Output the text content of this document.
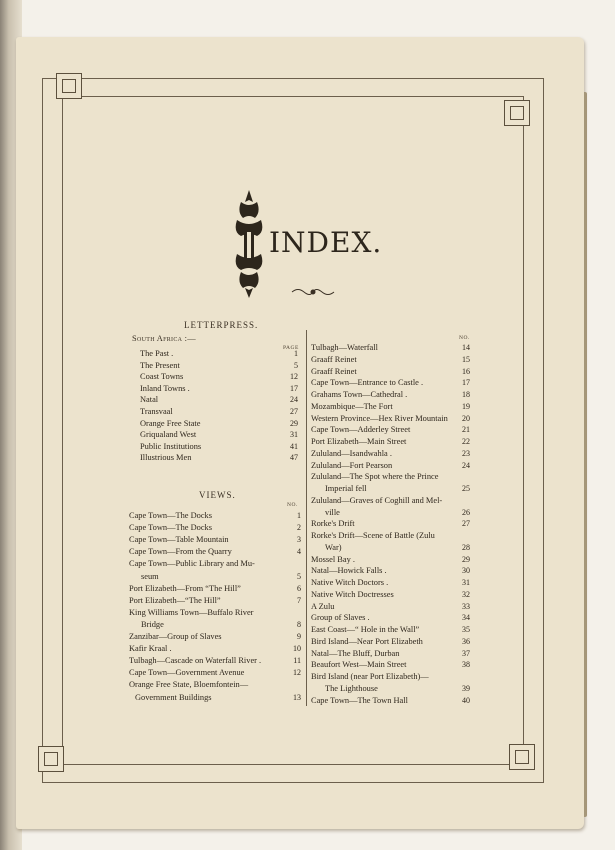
INDEX.
LETTERPRESS.
South Africa :—
PAGE
The Past .	1
The Present	5
Coast Towns	12
Inland Towns .	17
Natal	24
Transvaal	27
Orange Free State	29
Griqualand West	31
Public Institutions	41
Illustrious Men	47
VIEWS.
NO.
Cape Town—The Docks	1
Cape Town—The Docks	2
Cape Town—Table Mountain	3
Cape Town—From the Quarry	4
Cape Town—Public Library and Mu-
seum	5
Port Elizabeth—From “The Hill”	6
Port Elizabeth—“The Hill”	7
King Williams Town—Buffalo River
Bridge	8
Zanzibar—Group of Slaves	9
Kafir Kraal .	10
Tulbagh—Cascade on Waterfall River .	11
Cape Town—Government Avenue	12
Orange Free State, Bloemfontein—
Government Buildings	13
NO.
Tulbagh—Waterfall	14
Graaff Reinet	15
Graaff Reinet	16
Cape Town—Entrance to Castle .	17
Grahams Town—Cathedral .	18
Mozambique—The Fort	19
Western Province—Hex River Mountain	20
Cape Town—Adderley Street	21
Port Elizabeth—Main Street	22
Zululand—Isandwahla .	23
Zululand—Fort Pearson	24
Zululand—The Spot where the Prince
Imperial fell	25
Zululand—Graves of Coghill and Mel-
ville	26
Rorke's Drift	27
Rorke's Drift—Scene of Battle (Zulu
War)	28
Mossel Bay .	29
Natal—Howick Falls .	30
Native Witch Doctors .	31
Native Witch Doctresses	32
A Zulu	33
Group of Slaves .	34
East Coast—“ Hole in the Wall”	35
Bird Island—Near Port Elizabeth	36
Natal—The Bluff, Durban	37
Beaufort West—Main Street	38
Bird Island (near Port Elizabeth)—
The Lighthouse	39
Cape Town—The Town Hall	40
